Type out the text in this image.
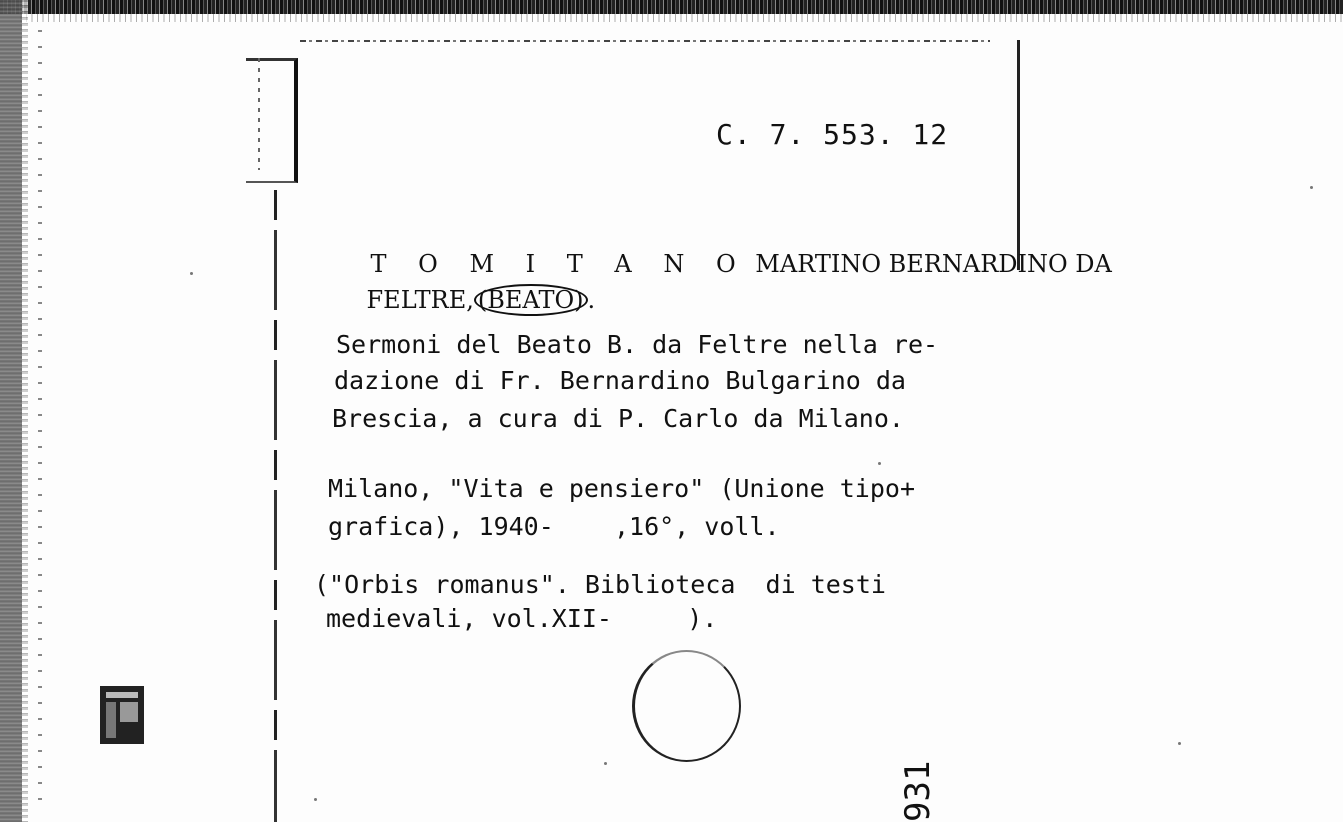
C. 7. 553. 12

T O M I T A N O MARTINO BERNARDINO DA

FELTRE, (BEATO) .

Sermoni del Beato B. da Feltre nella re-
dazione di Fr. Bernardino Bulgarino da
Brescia, a cura di P. Carlo da Milano.
Milano, "Vita e pensiero" (Unione tipo+
grafica), 1940-    ,16°, voll.
("Orbis romanus". Biblioteca  di testi
medievali, vol.XII-     ).
931
